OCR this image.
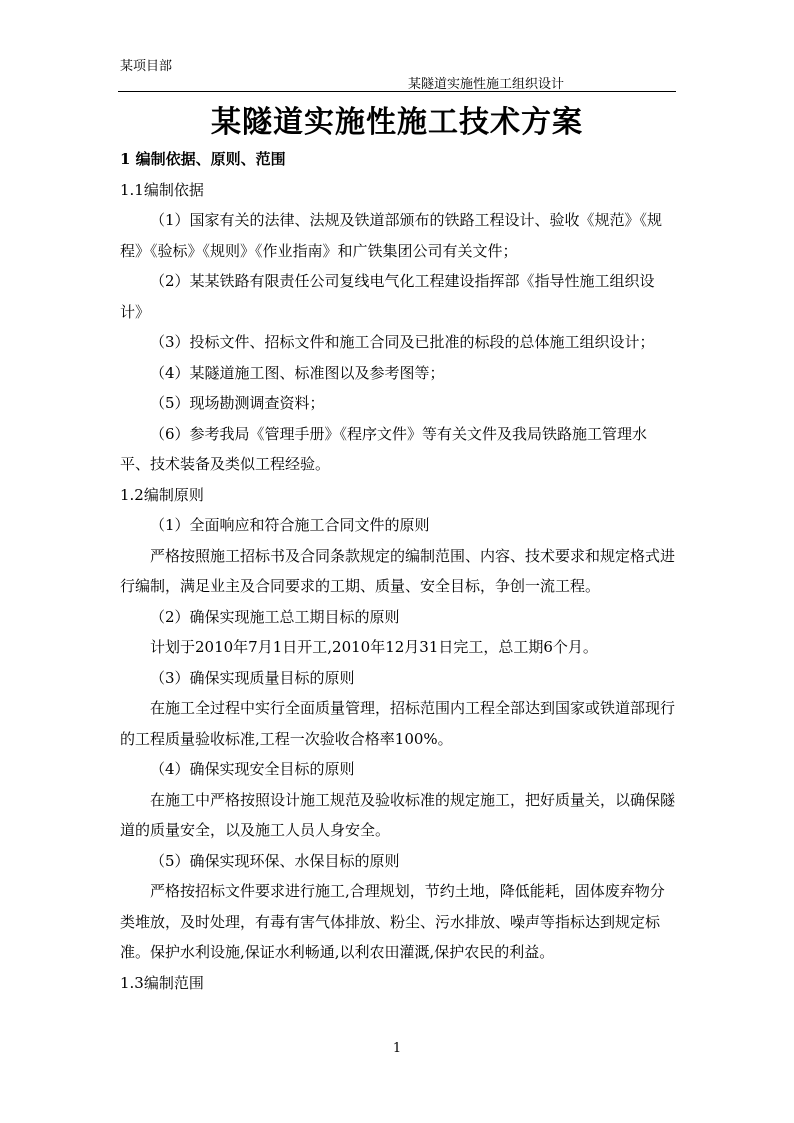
某项目部
某隧道实施性施工组织设计
某隧道实施性施工技术方案

1 编制依据、原则、范围

1.1编制依据

（1）国家有关的法律、法规及铁道部颁布的铁路工程设计、验收《规范》《规程》《验标》《规则》《作业指南》和广铁集团公司有关文件；

（2）某某铁路有限责任公司复线电气化工程建设指挥部《指导性施工组织设计》

（3）投标文件、招标文件和施工合同及已批准的标段的总体施工组织设计；

（4）某隧道施工图、标准图以及参考图等；

（5）现场勘测调查资料；

（6）参考我局《管理手册》《程序文件》等有关文件及我局铁路施工管理水平、技术装备及类似工程经验。

1.2编制原则

（1）全面响应和符合施工合同文件的原则

严格按照施工招标书及合同条款规定的编制范围、内容、技术要求和规定格式进行编制，满足业主及合同要求的工期、质量、安全目标，争创一流工程。

（2）确保实现施工总工期目标的原则

计划于2010年7月1日开工,2010年12月31日完工，总工期6个月。

（3）确保实现质量目标的原则

在施工全过程中实行全面质量管理，招标范围内工程全部达到国家或铁道部现行的工程质量验收标准,工程一次验收合格率100%。

（4）确保实现安全目标的原则

在施工中严格按照设计施工规范及验收标准的规定施工，把好质量关，以确保隧道的质量安全，以及施工人员人身安全。

（5）确保实现环保、水保目标的原则

严格按招标文件要求进行施工,合理规划，节约土地，降低能耗，固体废弃物分类堆放，及时处理，有毒有害气体排放、粉尘、污水排放、噪声等指标达到规定标准。保护水利设施,保证水利畅通,以利农田灌溉,保护农民的利益。

1.3编制范围

1
